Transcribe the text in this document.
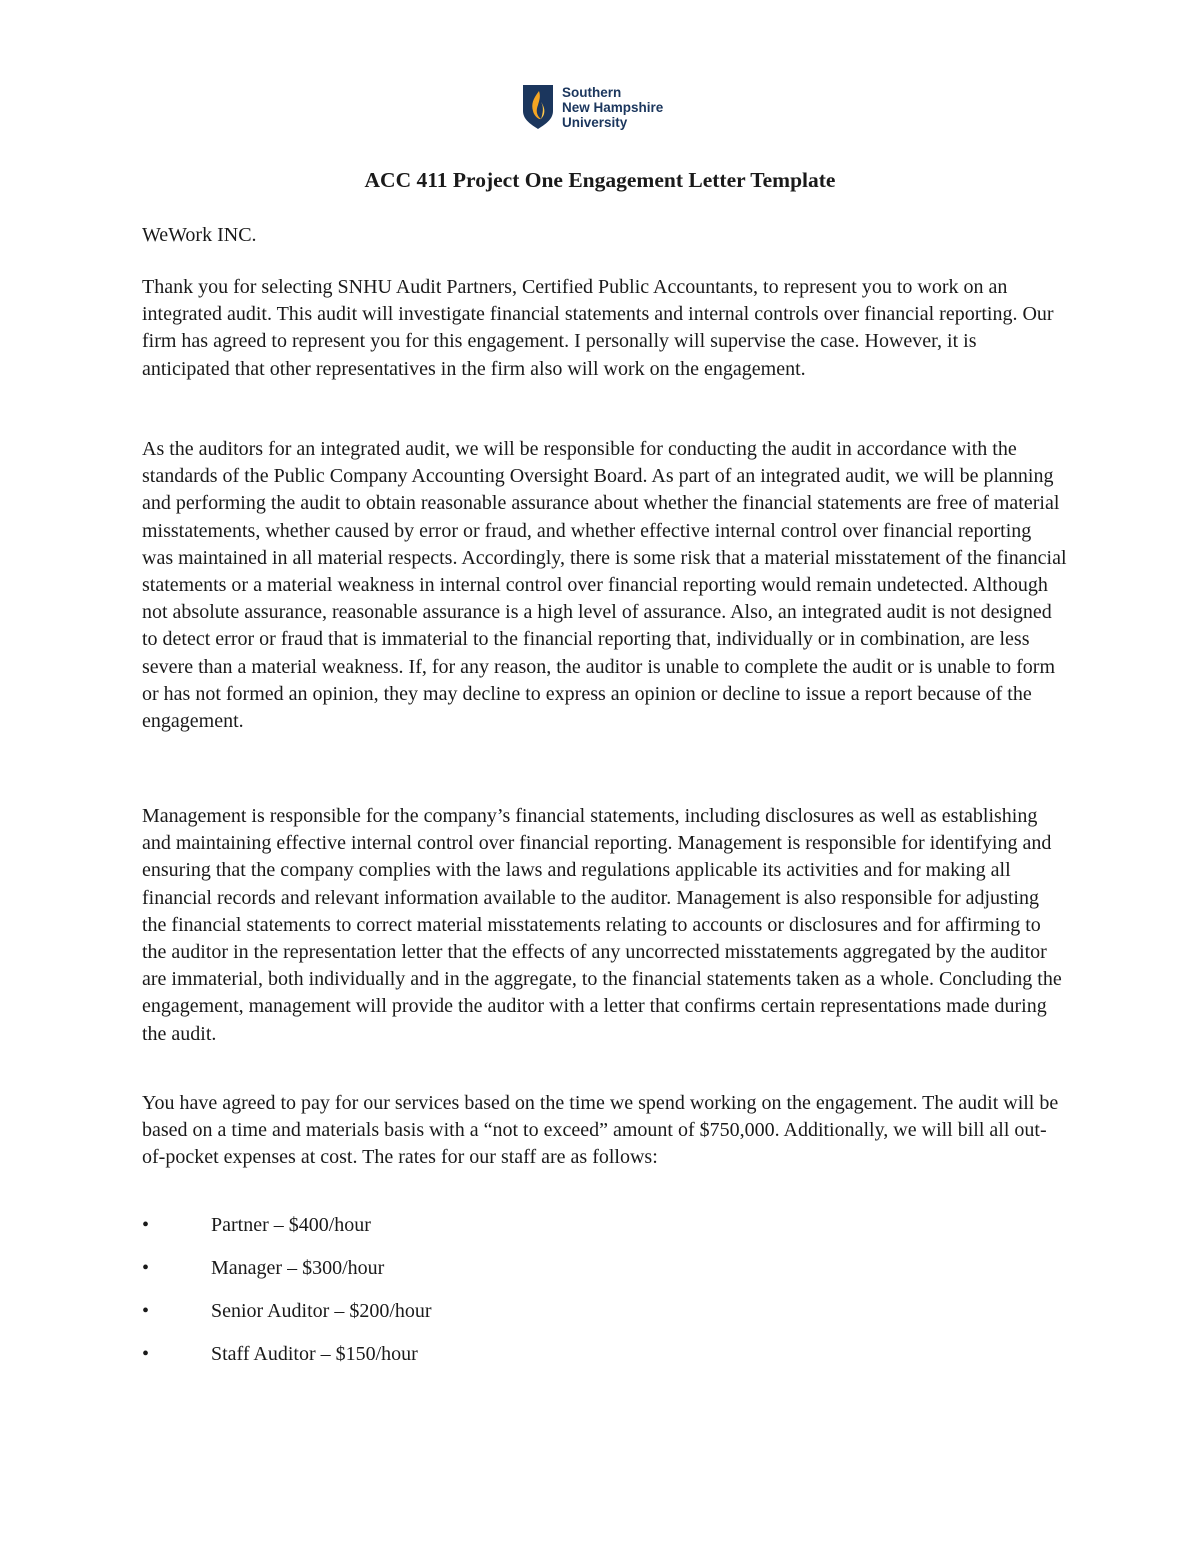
Southern
New Hampshire
University
ACC 411 Project One Engagement Letter Template

WeWork INC.

Thank you for selecting SNHU Audit Partners, Certified Public Accountants, to represent you to work on an integrated audit. This audit will investigate financial statements and internal controls over financial reporting. Our firm has agreed to represent you for this engagement. I personally will supervise the case. However, it is anticipated that other representatives in the firm also will work on the engagement.

As the auditors for an integrated audit, we will be responsible for conducting the audit in accordance with the standards of the Public Company Accounting Oversight Board. As part of an integrated audit, we will be planning and performing the audit to obtain reasonable assurance about whether the financial statements are free of material misstatements, whether caused by error or fraud, and whether effective internal control over financial reporting was maintained in all material respects. Accordingly, there is some risk that a material misstatement of the financial statements or a material weakness in internal control over financial reporting would remain undetected. Although not absolute assurance, reasonable assurance is a high level of assurance. Also, an integrated audit is not designed to detect error or fraud that is immaterial to the financial reporting that, individually or in combination, are less severe than a material weakness. If, for any reason, the auditor is unable to complete the audit or is unable to form or has not formed an opinion, they may decline to express an opinion or decline to issue a report because of the engagement.

Management is responsible for the company’s financial statements, including disclosures as well as establishing and maintaining effective internal control over financial reporting. Management is responsible for identifying and ensuring that the company complies with the laws and regulations applicable its activities and for making all financial records and relevant information available to the auditor. Management is also responsible for adjusting the financial statements to correct material misstatements relating to accounts or disclosures and for affirming to the auditor in the representation letter that the effects of any uncorrected misstatements aggregated by the auditor are immaterial, both individually and in the aggregate, to the financial statements taken as a whole. Concluding the engagement, management will provide the auditor with a letter that confirms certain representations made during the audit.

You have agreed to pay for our services based on the time we spend working on the engagement. The audit will be based on a time and materials basis with a “not to exceed” amount of $750,000. Additionally, we will bill all out-of-pocket expenses at cost. The rates for our staff are as follows:

•	Partner – $400/hour
•	Manager – $300/hour
•	Senior Auditor – $200/hour
•	Staff Auditor – $150/hour
